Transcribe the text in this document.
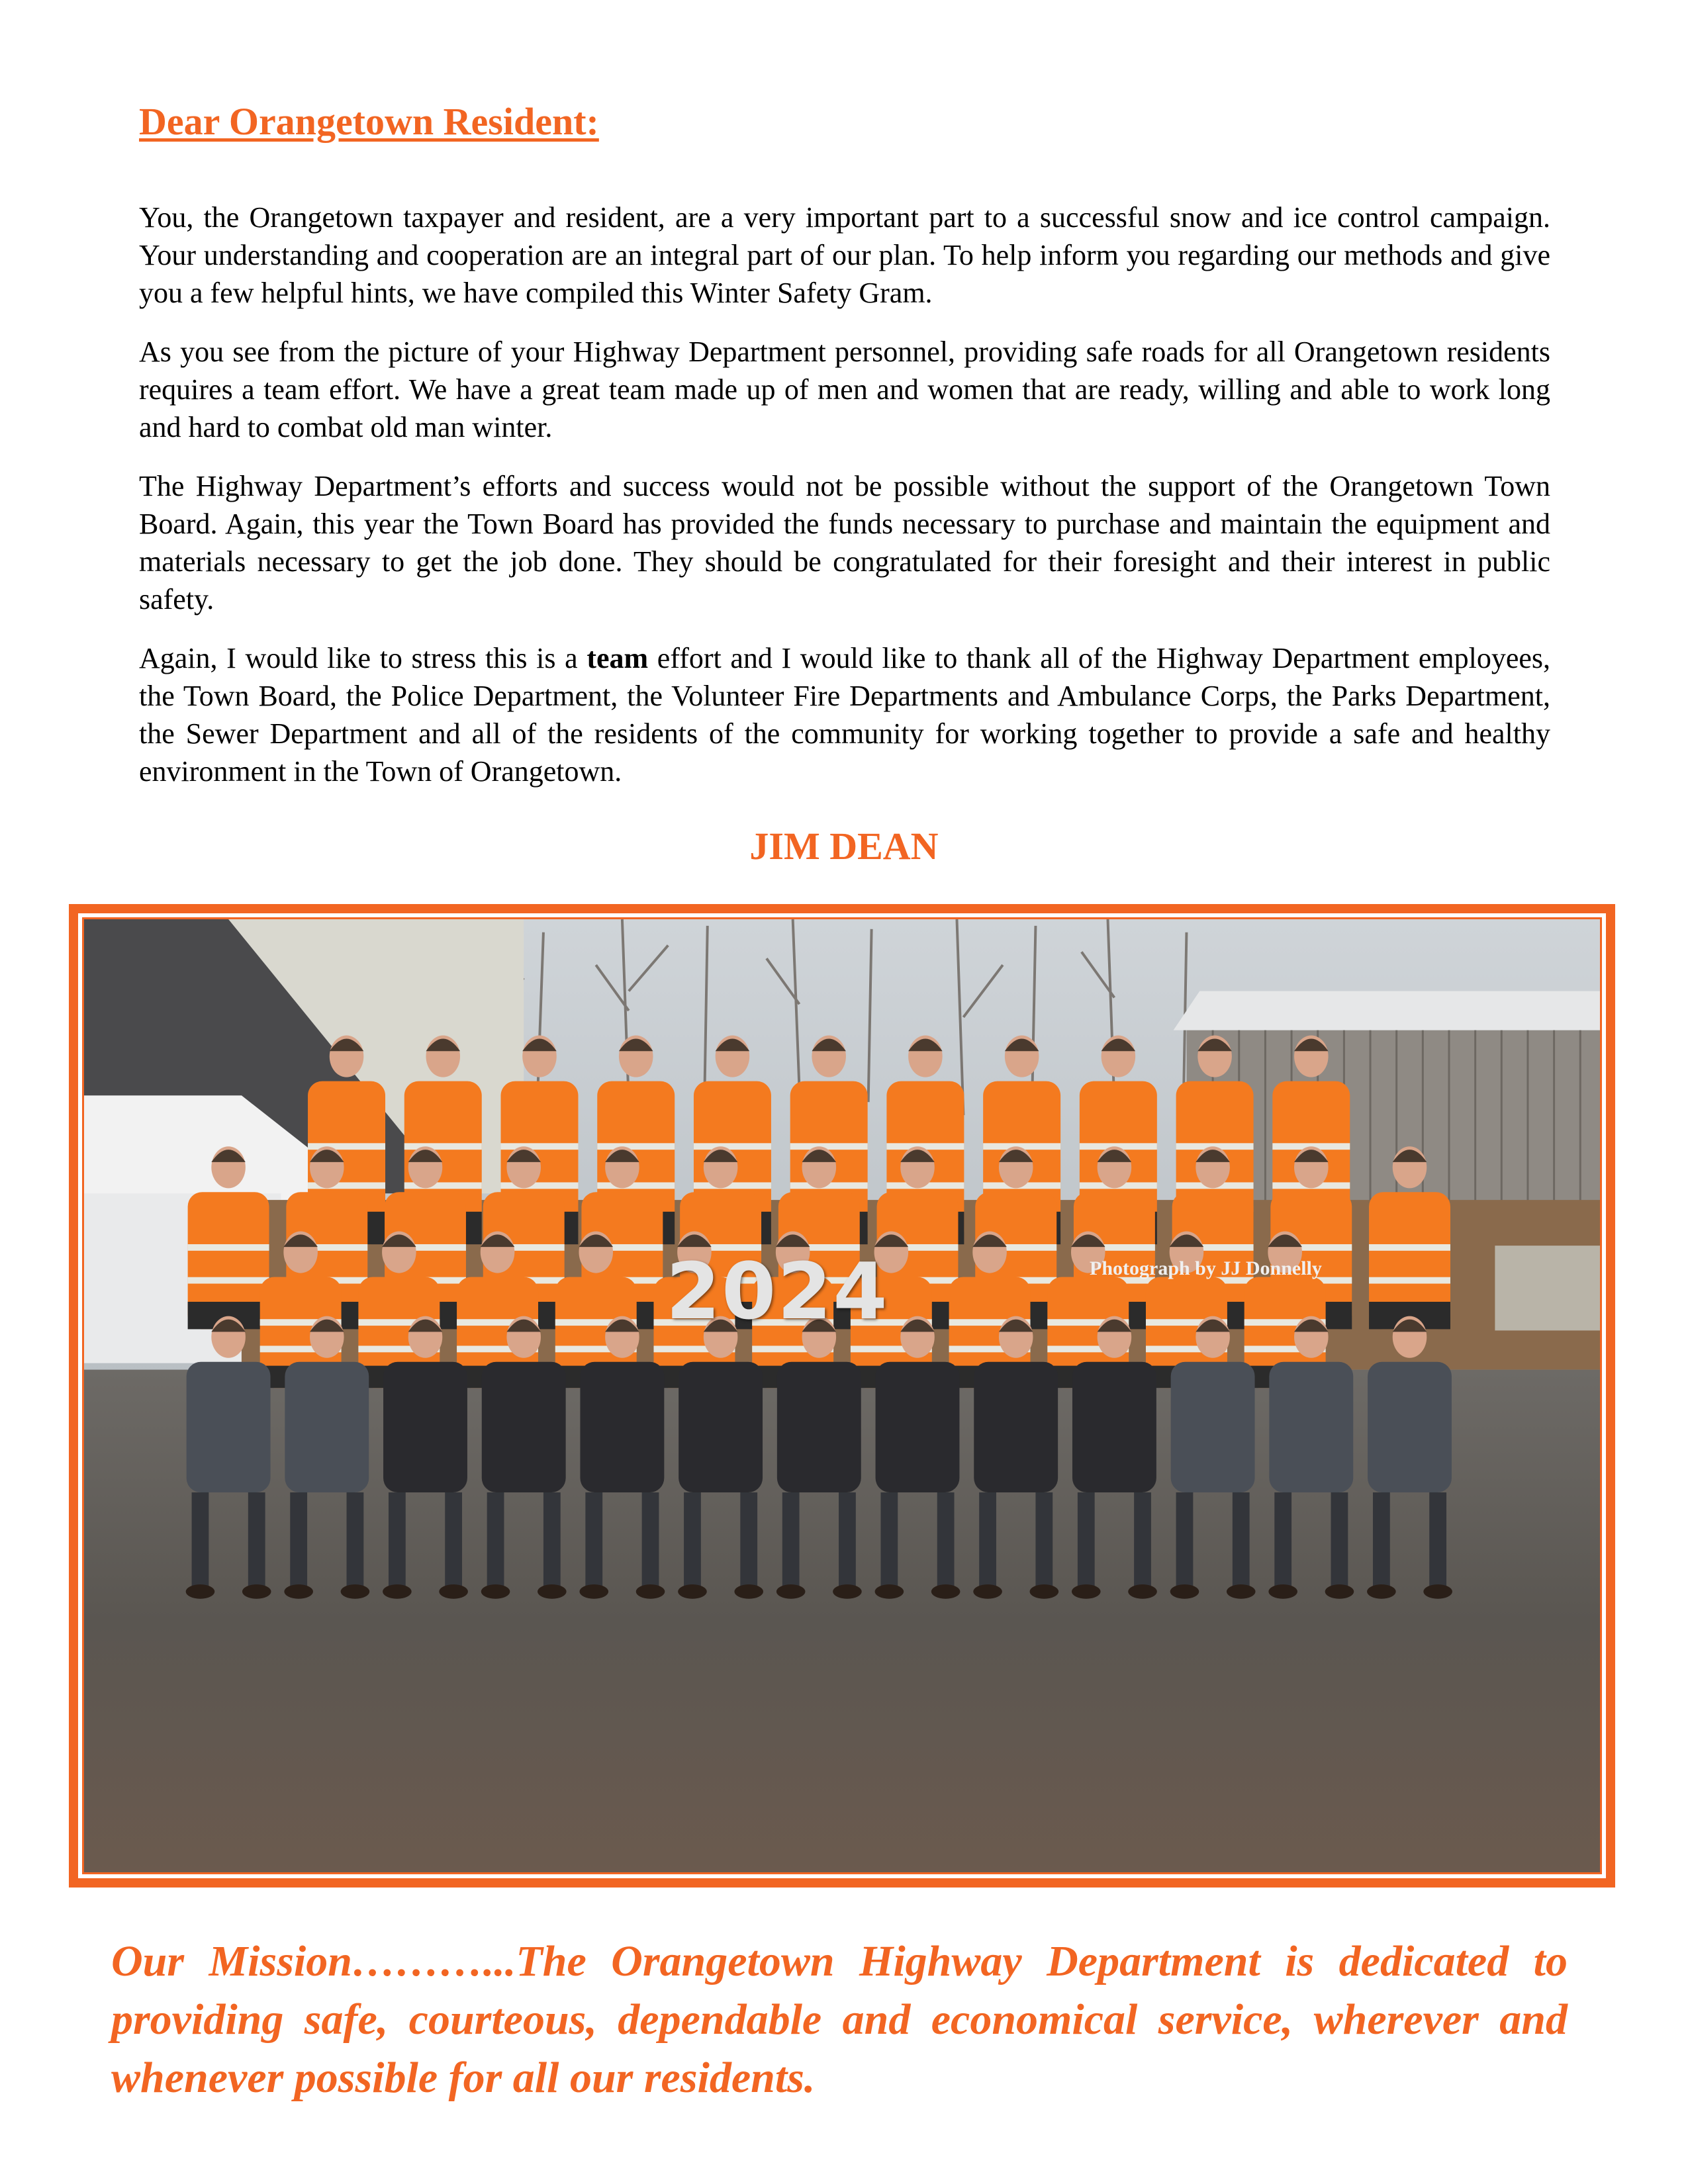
Dear Orangetown Resident:

You, the Orangetown taxpayer and resident, are a very important part to a successful snow and ice control campaign. Your understanding and cooperation are an integral part of our plan. To help inform you regarding our methods and give you a few helpful hints, we have compiled this Winter Safety Gram.

As you see from the picture of your Highway Department personnel, providing safe roads for all Orangetown residents requires a team effort. We have a great team made up of men and women that are ready, willing and able to work long and hard to combat old man winter.

The Highway Department’s efforts and success would not be possible without the support of the Orangetown Town Board. Again, this year the Town Board has provided the funds necessary to purchase and maintain the equipment and materials necessary to get the job done. They should be congratulated for their foresight and their interest in public safety.

Again, I would like to stress this is a team effort and I would like to thank all of the Highway Department employees, the Town Board, the Police Department, the Volunteer Fire Departments and Ambulance Corps, the Parks Department, the Sewer Department and all of the residents of the community for working together to provide a safe and healthy environment in the Town of Orangetown.

JIM DEAN
2024	Photograph by JJ Donnelly

Our Mission………...The Orangetown Highway Department is dedicated to providing safe, courteous, dependable and economical service, wherever and whenever possible for all our residents.
